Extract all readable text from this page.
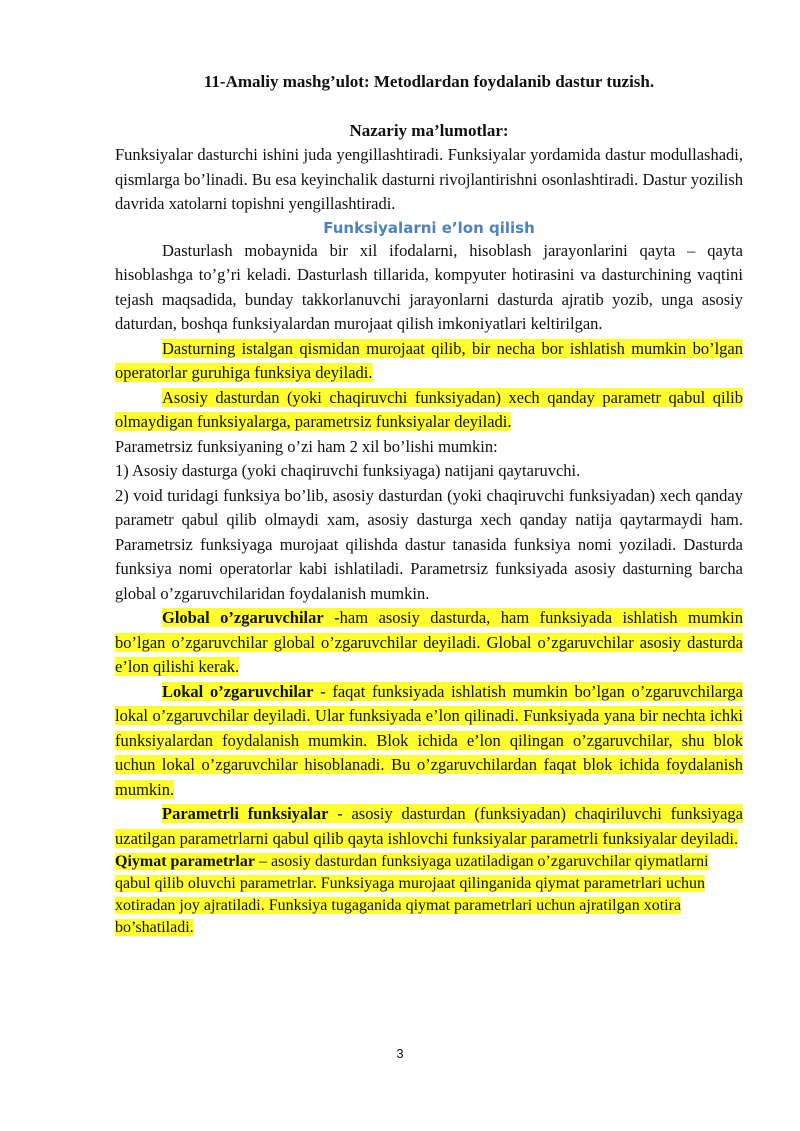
11-Amaliy mashg’ulot: Metodlardan foydalanib dastur tuzish.
Nazariy ma’lumotlar:

Funksiyalar dasturchi ishini juda yengillashtiradi. Funksiyalar yordamida dastur modullashadi, qismlarga bo’linadi. Bu esa keyinchalik dasturni rivojlantirishni osonlashtiradi. Dastur yozilish davrida xatolarni topishni yengillashtiradi.

Funksiyalarni e’lon qilish

Dasturlash mobaynida bir xil ifodalarni, hisoblash jarayonlarini qayta – qayta hisoblashga to’g’ri keladi. Dasturlash tillarida, kompyuter hotirasini va dasturchining vaqtini tejash maqsadida, bunday takkorlanuvchi jarayonlarni dasturda ajratib yozib, unga asosiy daturdan, boshqa funksiyalardan murojaat qilish imkoniyatlari keltirilgan.

Dasturning istalgan qismidan murojaat qilib, bir necha bor ishlatish mumkin bo’lgan operatorlar guruhiga funksiya deyiladi.

Asosiy dasturdan (yoki chaqiruvchi funksiyadan) xech qanday parametr qabul qilib olmaydigan funksiyalarga, parametrsiz funksiyalar deyiladi.

Parametrsiz funksiyaning o’zi ham 2 xil bo’lishi mumkin:

1) Asosiy dasturga (yoki chaqiruvchi funksiyaga) natijani qaytaruvchi.

2) void turidagi funksiya bo’lib, asosiy dasturdan (yoki chaqiruvchi funksiyadan) xech qanday parametr qabul qilib olmaydi xam, asosiy dasturga xech qanday natija qaytarmaydi ham. Parametrsiz funksiyaga murojaat qilishda dastur tanasida funksiya nomi yoziladi. Dasturda funksiya nomi operatorlar kabi ishlatiladi. Parametrsiz funksiyada asosiy dasturning barcha global o’zgaruvchilaridan foydalanish mumkin.

Global o’zgaruvchilar -ham asosiy dasturda, ham funksiyada ishlatish mumkin bo’lgan o’zgaruvchilar global o’zgaruvchilar deyiladi. Global o’zgaruvchilar asosiy dasturda e’lon qilishi kerak.

Lokal o’zgaruvchilar - faqat funksiyada ishlatish mumkin bo’lgan o’zgaruvchilarga lokal o’zgaruvchilar deyiladi. Ular funksiyada e’lon qilinadi. Funksiyada yana bir nechta ichki funksiyalardan foydalanish mumkin. Blok ichida e’lon qilingan o’zgaruvchilar, shu blok uchun lokal o’zgaruvchilar hisoblanadi. Bu o’zgaruvchilardan faqat blok ichida foydalanish mumkin.

Parametrli funksiyalar - asosiy dasturdan (funksiyadan) chaqiriluvchi funksiyaga uzatilgan parametrlarni qabul qilib qayta ishlovchi funksiyalar parametrli funksiyalar deyiladi.

Qiymat parametrlar – asosiy dasturdan funksiyaga uzatiladigan o’zgaruvchilar qiymatlarni qabul qilib oluvchi parametrlar. Funksiyaga murojaat qilinganida qiymat parametrlari uchun xotiradan joy ajratiladi. Funksiya tugaganida qiymat parametrlari uchun ajratilgan xotira bo’shatiladi.

3
